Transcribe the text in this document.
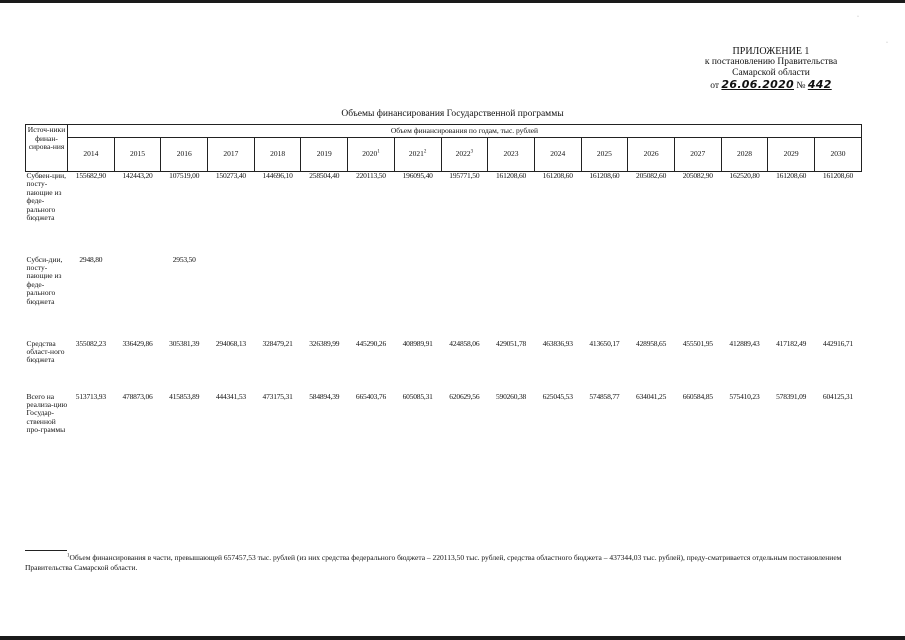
·
·
ПРИЛОЖЕНИЕ 1
к постановлению Правительства
Самарской области
от 26.06.2020 № 442
Объемы финансирования Государственной программы
Источ-ники финан-сирова-ния	Объем финансирования по годам, тыс. рублей																
	2014	2015	2016	2017	2018	2019	2020$^1$	2021$^2$	2022$^3$	2023	2024	2025	2026	2027	2028	2029	2030
Субвен-ции, посту-пающие из феде-рального бюджета	155682,90	142443,20	107519,00	150273,40	144696,10	258504,40	220113,50	196095,40	195771,50	161208,60	161208,60	161208,60	205082,60	205082,90	162520,80	161208,60	161208,60
Субси-дии, посту-пающие из феде-рального бюджета	2948,80		2953,50														
Средства област-ного бюджета	355082,23	336429,86	305381,39	294068,13	328479,21	326389,99	445290,26	408989,91	424858,06	429051,78	463836,93	413650,17	428958,65	455501,95	412889,43	417182,49	442916,71
Всего на реализа-цию Государ-ственной про-граммы	513713,93	478873,06	415853,89	444341,53	473175,31	584894,39	665403,76	605085,31	620629,56	590260,38	625045,53	574858,77	634041,25	660584,85	575410,23	578391,09	604125,31
$^1$Объем финансирования в части, превышающей 657457,53 тыс. рублей (из них средства федерального бюджета – 220113,50 тыс. рублей, средства областного бюджета – 437344,03 тыс. рублей), преду-сматривается отдельным постановлением Правительства Самарской области.
